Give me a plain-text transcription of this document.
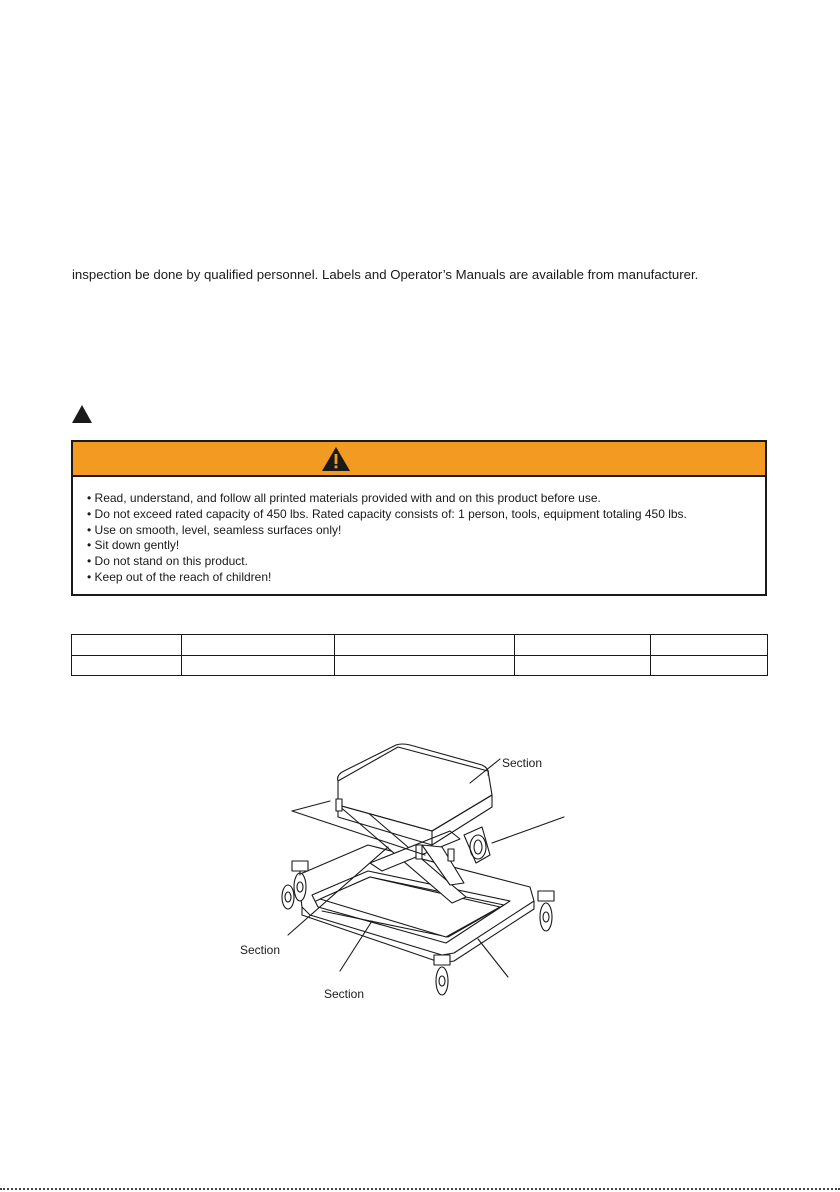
inspection be done by qualified personnel. Labels and Operator’s Manuals are available from manufacturer.
• Read, understand, and follow all printed materials provided with and on this product before use.
• Do not exceed rated capacity of 450 lbs. Rated capacity consists of: 1 person, tools, equipment totaling 450 lbs.
• Use on smooth, level, seamless surfaces only!
• Sit down gently!
• Do not stand on this product.
• Keep out of the reach of children!

Section
Section
Section
